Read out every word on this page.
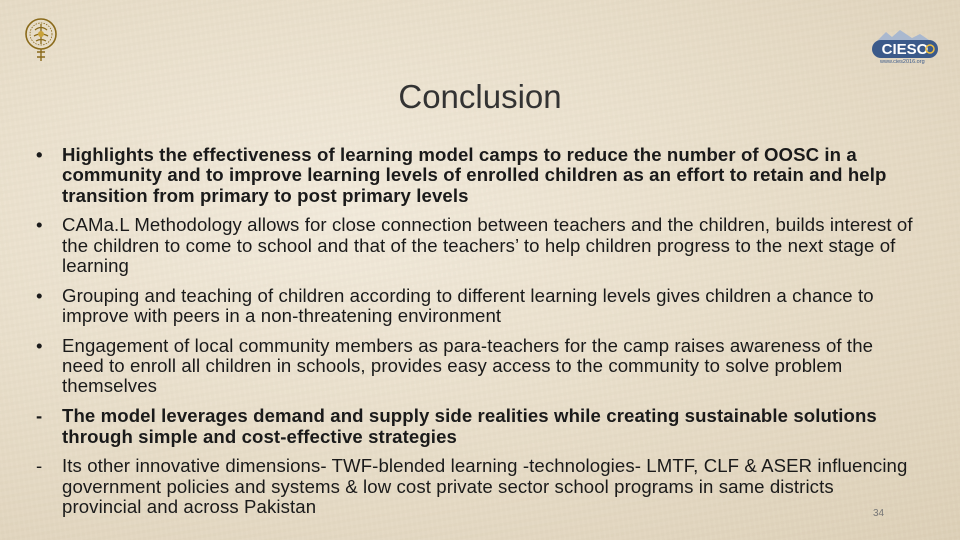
CIESO
www.cies2016.org
Conclusion
•	Highlights the effectiveness of learning model camps to reduce the number of OOSC in a community and to improve learning levels of enrolled children as an effort to retain and help transition from primary to post primary levels
•	CAMa.L Methodology allows for close connection between teachers and the children, builds interest of the children to come to school and that of the teachers’ to help children progress to the next stage of learning
•	Grouping and teaching of children according to different learning levels gives children a chance to improve with peers in a non-threatening environment
•	Engagement of local community members as para-teachers for the camp raises awareness of the need to enroll all children in schools, provides easy access to the community to solve problem themselves
-	The model leverages demand and supply side realities while creating sustainable solutions through simple and cost-effective strategies
-	Its other innovative dimensions- TWF-blended learning -technologies- LMTF, CLF & ASER influencing government policies and systems & low cost private sector school programs in same districts provincial and across Pakistan	34
